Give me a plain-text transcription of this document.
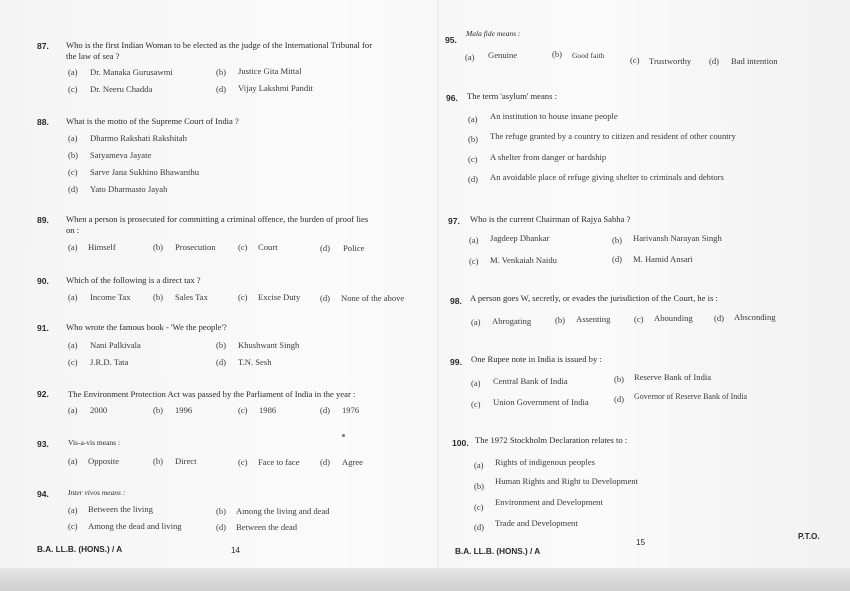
87. Who is the first Indian Woman to be elected as the judge of the International Tribunal for
the law of sea ?
(a) Dr. Manaka Gurusawmi	(b) Justice Gita Mittal
(c) Dr. Neeru Chadda	(d) Vijay Lakshmi Pandit
88. What is the motto of the Supreme Court of India ?
(a) Dharmo Rakshati Rakshitah
(b) Satyameva Jayate
(c) Sarve Jana Sukhino Bhawanthu
(d) Yato Dharmasto Jayah
89. When a person is prosecuted for committing a criminal offence, the burden of proof lies
on :
(a) Himself	(b) Prosecution	(c) Court	(d) Police
90. Which of the following is a direct tax ?
(a) Income Tax	(b) Sales Tax	(c) Excise Duty (d) None of the above
91. Who wrote the famous book - 'We the people'?
(a) Nani Palkivala	(b) Khushwant Singh
(c) J.R.D. Tata	(d) T.N. Sesh
92. The Environment Protection Act was passed by the Parliament of India in the year :
(a) 2000	(b) 1996	(c) 1986	(d) 1976
93.	Vis-a-vis means :
(a) Opposite	(b) Direct	(c) Face to face (d) Agree
94.	Inter vivos means :
(a) Between the living	(b) Among the living and dead
(c) Among the dead and living	(d) Between the dead
B.A. LL.B. (HONS.) / A	14
95.
Mala fide means :
(a) Genuine	(b) Good faith	(c) Trustworthy (d) Bad intention
96. The term 'asylum' means :
(a) An institution to house insane people
(b) The refuge granted by a country to citizen and resident of other country
(c) A shelter from danger or hardship
(d) An avoidable place of refuge giving shelter to criminals and debtors
97. Who is the current Chairman of Rajya Sabha ?
(a) Jagdeep Dhankar	(b) Harivansh Narayan Singh
(c) M. Venkaiah Naidu	(d) M. Hamid Ansari
98. A person goes W, secretly, or evades the jurisdiction of the Court, he is :
(a) Abrogating	(b) Assenting	(c) Abounding (d) Absconding
99. One Rupee note in India is issued by :
(a) Central Bank of India	(b) Reserve Bank of India
(c) Union Government of India	(d) Governor of Reserve Bank of India
100. The 1972 Stockholm Declaration relates to :
(a) Rights of indigenous peoples
(b) Human Rights and Right to Development
(c) Environment and Development
(d) Trade and Development
15
P.T.O.
B.A. LL.B. (HONS.) / A
